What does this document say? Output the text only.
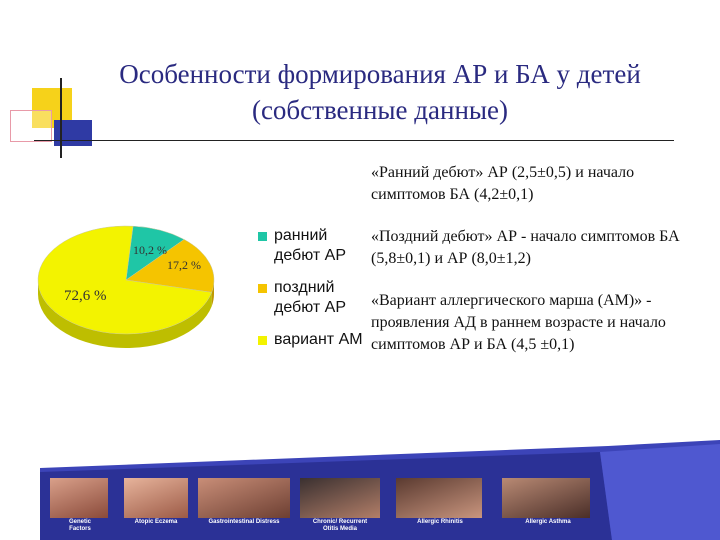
Особенности формирования АР и БА у детей
(собственные данные)
10,2 %
17,2 %
72,6 %
ранний дебют АР
поздний дебют АР
вариант АМ
«Ранний дебют» АР (2,5±0,5) и начало симптомов БА (4,2±0,1)
«Поздний дебют» АР - начало симптомов БА (5,8±0,1) и АР (8,0±1,2)
«Вариант аллергического марша (АМ)» - проявления АД в раннем возрасте и начало симптомов АР и БА (4,5 ±0,1)
Genetic Factors
Atopic Eczema	Gastrointestinal Distress	Chronic/ Recurrent Otitis Media
Allergic Rhinitis	Allergic Asthma
